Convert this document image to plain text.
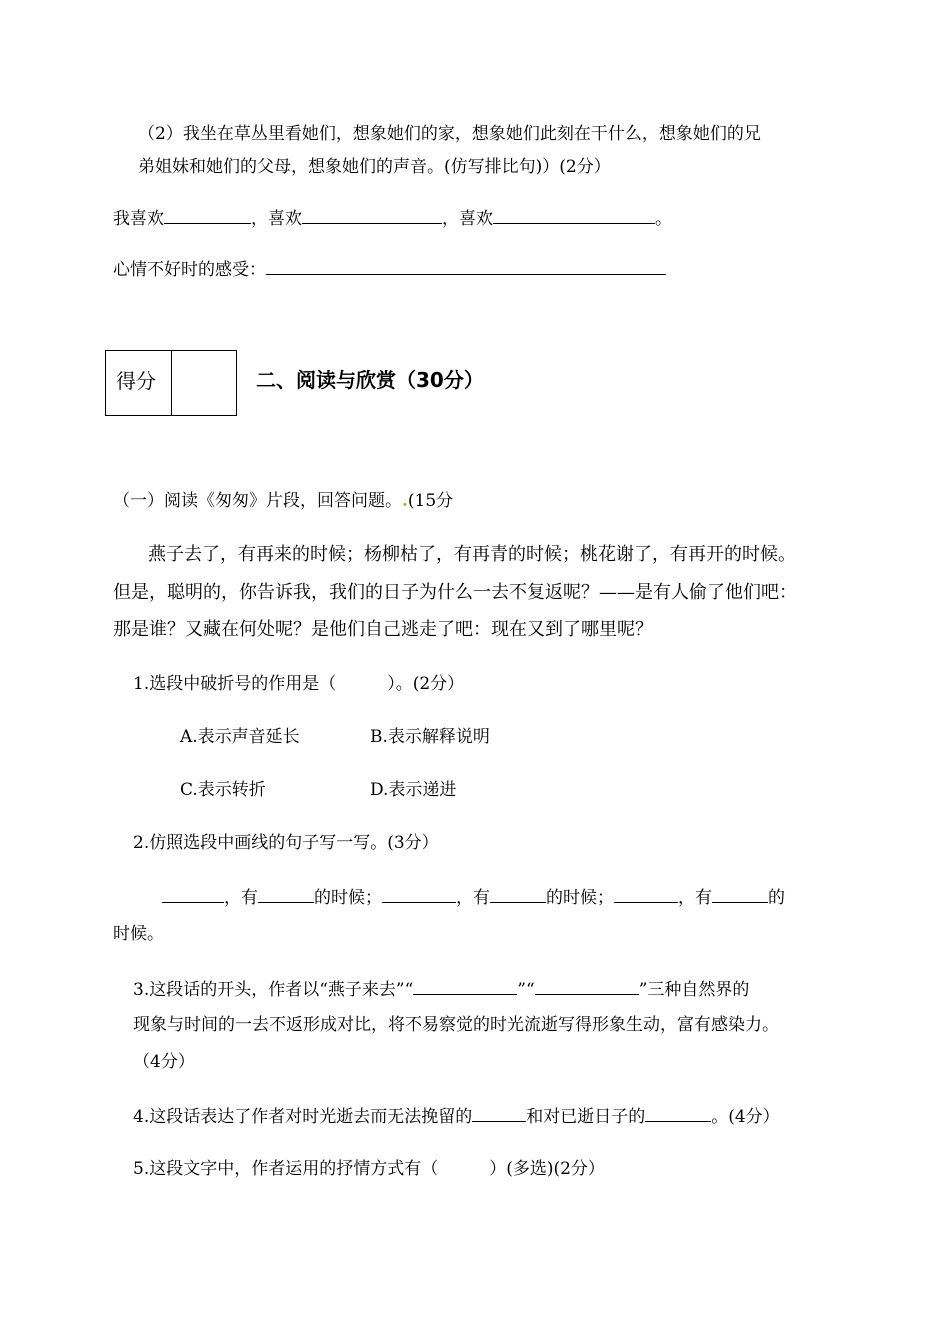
（2）我坐在草丛里看她们，想象她们的家，想象她们此刻在干什么，想象她们的兄
弟姐妹和她们的父母，想象她们的声音。(仿写排比句)）(2分）
我喜欢	，喜欢	，喜欢	。
心情不好时的感受：
得分	二、阅读与欣赏（30分）
（一）阅读《匆匆》片段，回答问题。.(15分
燕子去了，有再来的时候；杨柳枯了，有再青的时候；桃花谢了，有再开的时候。
但是，聪明的，你告诉我，我们的日子为什么一去不复返呢？——是有人偷了他们吧：
那是谁？又藏在何处呢？是他们自己逃走了吧：现在又到了哪里呢？
1.选段中破折号的作用是（　　　）。(2分）
A.表示声音延长	B.表示解释说明
C.表示转折	D.表示递进
2.仿照选段中画线的句子写一写。(3分）
，有	的时候；	，有	的时候；	，有	的
时候。
3.这段话的开头，作者以“燕子来去”“	”“	”三种自然界的
现象与时间的一去不返形成对比，将不易察觉的时光流逝写得形象生动，富有感染力。
（4分）
4.这段话表达了作者对时光逝去而无法挽留的	和对已逝日子的	。(4分）
5.这段文字中，作者运用的抒情方式有（　　　）(多选)(2分）
